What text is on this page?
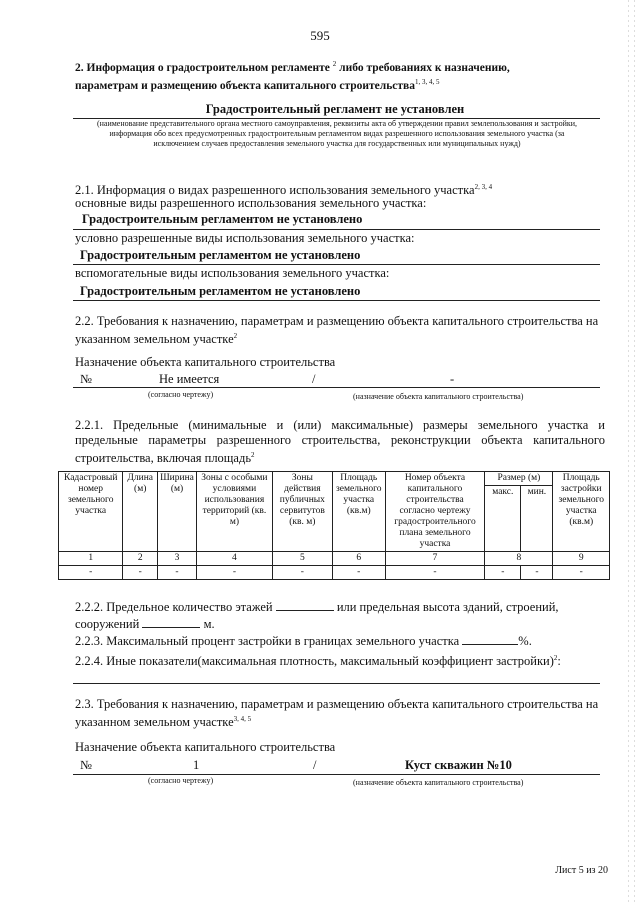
595
2. Информация о градостроительном регламенте $^2$ либо требованиях к назначению,
параметрам и размещению объекта капитального строительства$^{1, 3, 4, 5}$
Градостроительный регламент не установлен
(наименование представительного органа местного самоуправления, реквизиты акта об утверждении правил землепользования и застройки, информация обо всех предусмотренных градостроительным регламентом видах разрешенного использования земельного участка (за исключением случаев предоставления земельного участка для государственных или муниципальных нужд)
2.1. Информация о видах разрешенного использования земельного участка$^{2, 3, 4}$
основные виды разрешенного использования земельного участка:
Градостроительным регламентом не установлено
условно разрешенные виды использования земельного участка:
Градостроительным регламентом не установлено
вспомогательные виды использования земельного участка:
Градостроительным регламентом не установлено
2.2. Требования к назначению, параметрам и размещению объекта капитального строительства на указанном земельном участке$^2$
Назначение объекта капитального строительства
№	Не имеется	/	-
(согласно чертежу)	(назначение объекта капитального строительства)
2.2.1. Предельные (минимальные и (или) максимальные) размеры земельного участка и предельные параметры разрешенного строительства, реконструкции объекта капитального строительства, включая площадь$^2$
Кадастровый номер земельного участка	Длина (м)	Ширина (м)	Зоны с особыми условиями использования территорий (кв. м)	Зоны действия публичных сервитутов (кв. м)	Площадь земельного участка (кв.м)	Номер объекта капитального строительства согласно чертежу градостроительного плана земельного участка	Размер (м)		Площадь застройки земельного участка (кв.м)
							макс.	мин.	
1	2	3	4	5	6	7	8		9
-	-	-	-	-	-	-	-	-	-
2.2.2. Предельное количество этажей	или предельная высота зданий, строений,
сооружений	м.
2.2.3. Максимальный процент застройки в границах земельного участка	%.
2.2.4. Иные показатели(максимальная плотность, максимальный коэффициент застройки)$^2$:
2.3. Требования к назначению, параметрам и размещению объекта капитального строительства на указанном земельном участке$^{3, 4, 5}$
Назначение объекта капитального строительства
№	1	/	Куст скважин №10
(согласно чертежу)	(назначение объекта капитального строительства)
Лист 5 из 20
